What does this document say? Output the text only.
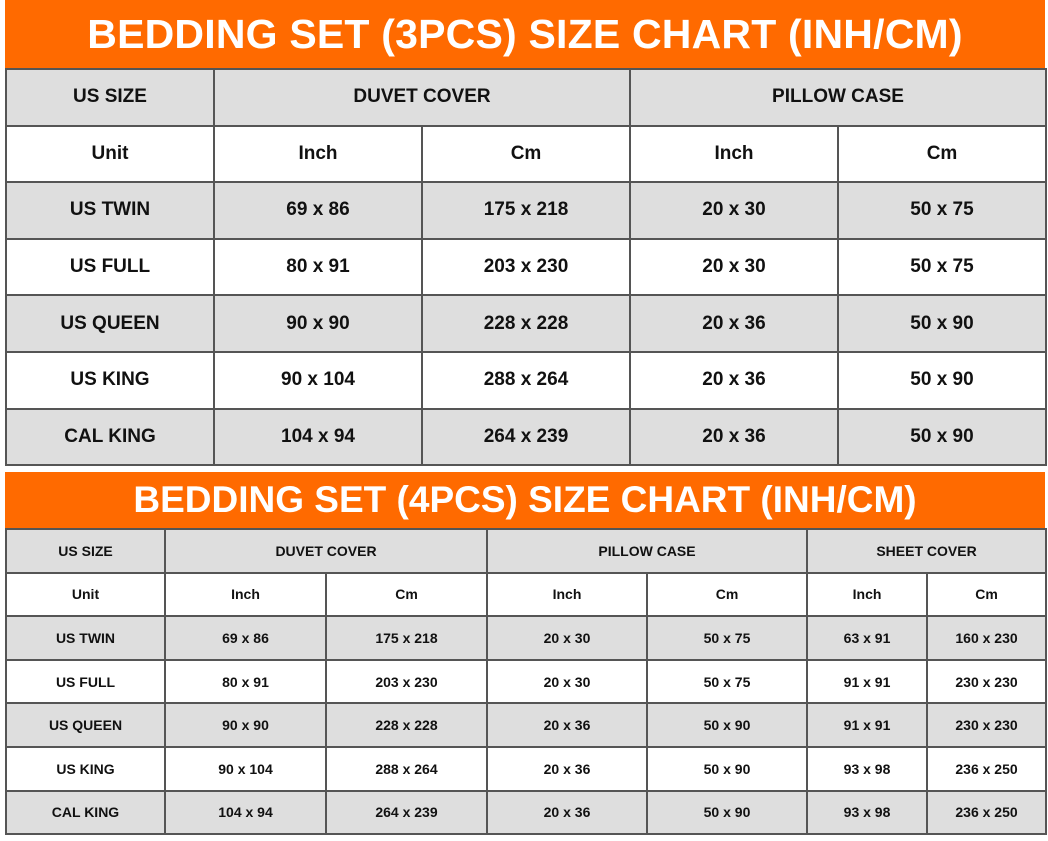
BEDDING SET (3PCS) SIZE CHART (INH/CM)
US SIZE	DUVET COVER		PILLOW CASE	
Unit	Inch	Cm	Inch	Cm
US TWIN	69 x 86	175 x 218	20 x 30	50 x 75
US FULL	80 x 91	203 x 230	20 x 30	50 x 75
US QUEEN	90 x 90	228 x 228	20 x 36	50 x 90
US KING	90 x 104	288 x 264	20 x 36	50 x 90
CAL KING	104 x 94	264 x 239	20 x 36	50 x 90
BEDDING SET (4PCS) SIZE CHART (INH/CM)
US SIZE	DUVET COVER		PILLOW CASE		SHEET COVER	
Unit	Inch	Cm	Inch	Cm	Inch	Cm
US TWIN	69 x 86	175 x 218	20 x 30	50 x 75	63 x 91	160 x 230
US FULL	80 x 91	203 x 230	20 x 30	50 x 75	91 x 91	230 x 230
US QUEEN	90 x 90	228 x 228	20 x 36	50 x 90	91 x 91	230 x 230
US KING	90 x 104	288 x 264	20 x 36	50 x 90	93 x 98	236 x 250
CAL KING	104 x 94	264 x 239	20 x 36	50 x 90	93 x 98	236 x 250
